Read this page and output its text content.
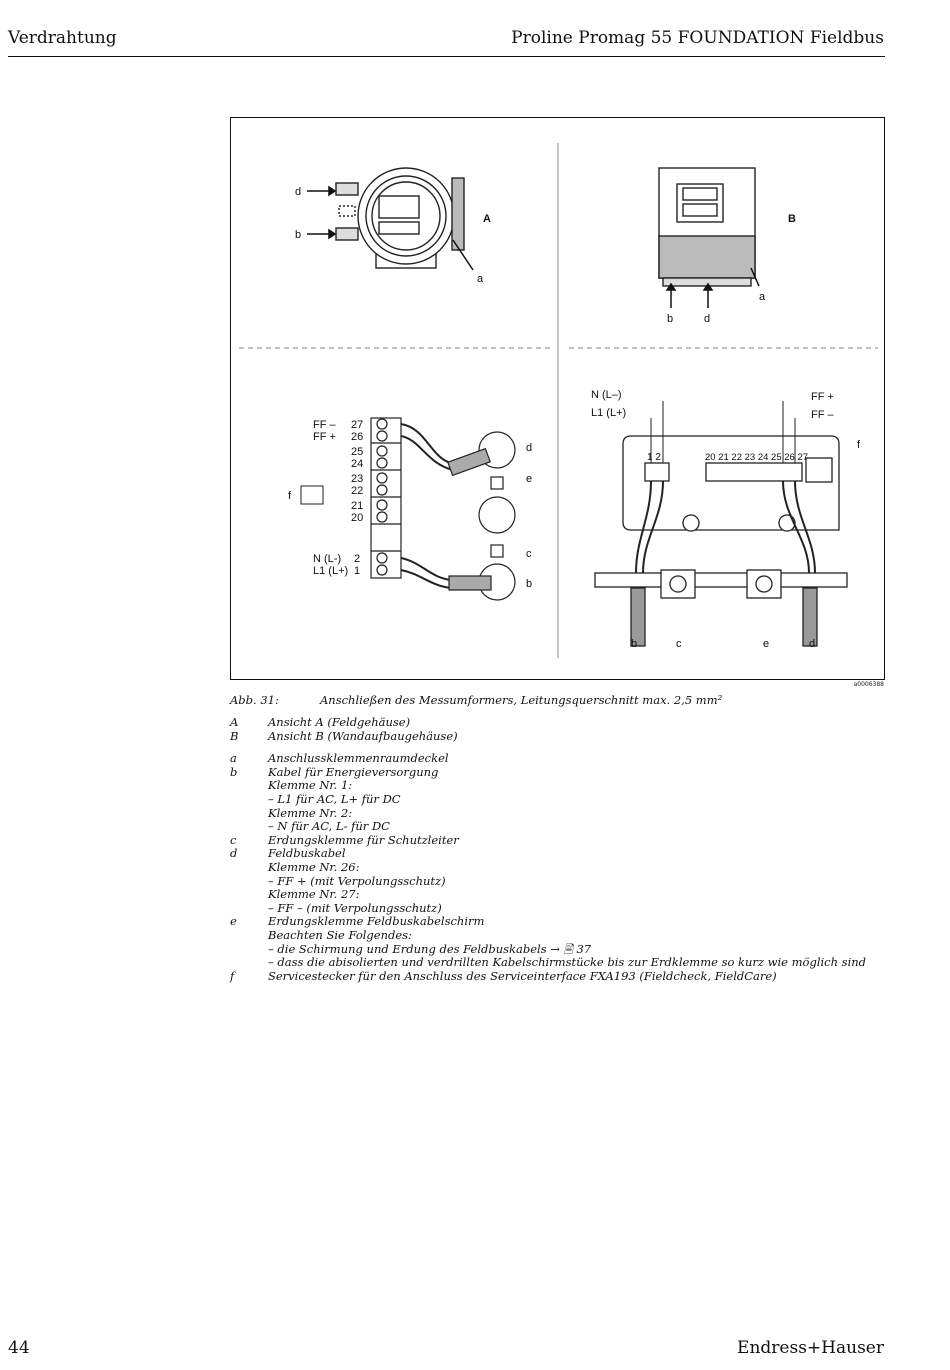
Verdrahtung	Proline Promag 55 FOUNDATION Fieldbus
d
b
A
a
B
a
b	d
FF –
FF +
27
26
25
24
23
22
21
20
N (L-)
L1 (L+)
2
1
f
d
e
c
b
N (L–)
L1 (L+)
FF +
FF –
1 2	20 21 22 23 24 25 26 27
f
b	c	e	d
a0006388
Abb. 31:	Anschließen des Messumformers, Leitungsquerschnitt max. 2,5 mm²
A	Ansicht A (Feldgehäuse)
B	Ansicht B (Wandaufbaugehäuse)
a	Anschlussklemmenraumdeckel
b	Kabel für Energieversorgung
Klemme Nr. 1:
– L1 für AC, L+ für DC
Klemme Nr. 2:
– N für AC, L- für DC
c	Erdungsklemme für Schutzleiter
d	Feldbuskabel
Klemme Nr. 26:
– FF + (mit Verpolungsschutz)
Klemme Nr. 27:
– FF – (mit Verpolungsschutz)
e	Erdungsklemme Feldbuskabelschirm
Beachten Sie Folgendes:
– die Schirmung und Erdung des Feldbuskabels → 🖹 37
– dass die abisolierten und verdrillten Kabelschirmstücke bis zur Erdklemme so kurz wie möglich sind
f	Servicestecker für den Anschluss des Serviceinterface FXA193 (Fieldcheck, FieldCare)
44	Endress+Hauser
